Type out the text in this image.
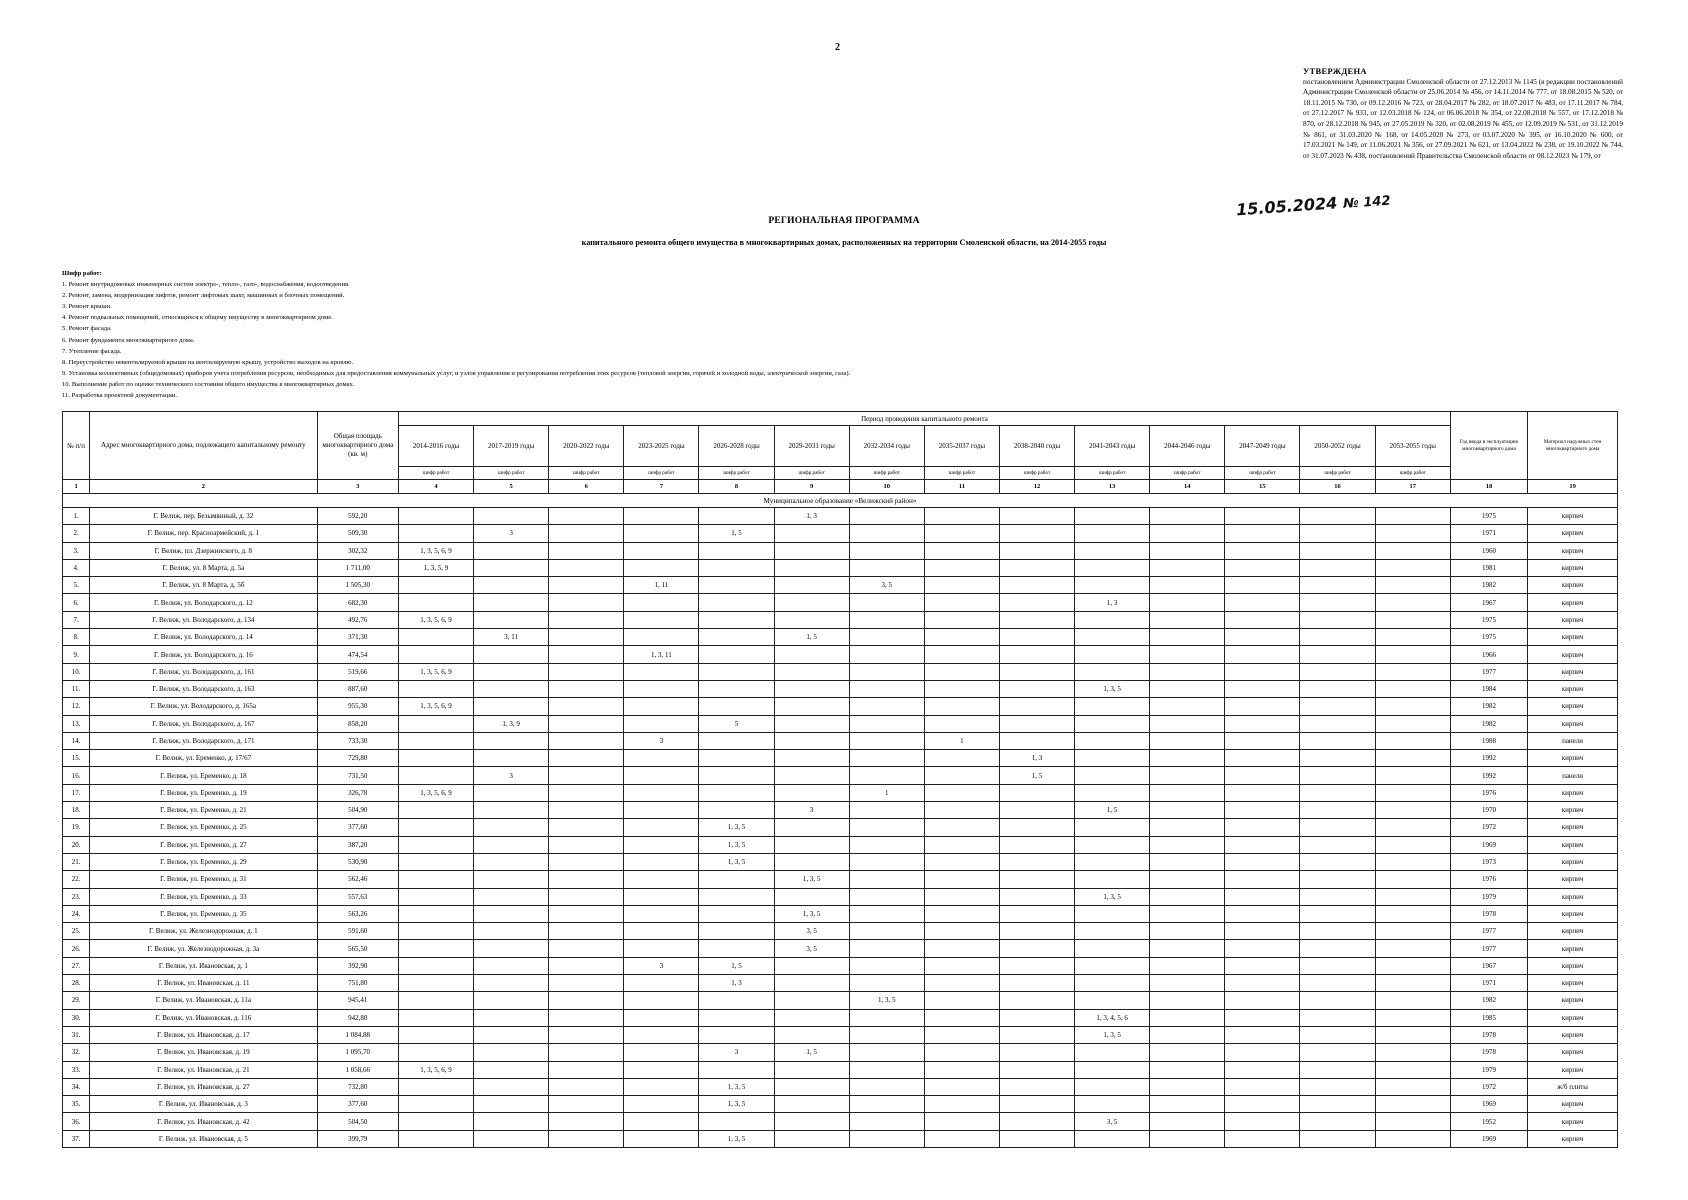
2
УТВЕРЖДЕНА
постановлением Администрации Смоленской области от 27.12.2013 № 1145 (в редакции постановлений Администрации Смоленской области от 25.06.2014 № 456, от 14.11.2014 № 777, от 18.08.2015 № 520, от 18.11.2015 № 730, от 09.12.2016 № 723, от 28.04.2017 № 282, от 18.07.2017 № 483, от 17.11.2017 № 784, от 27.12.2017 № 933, от 12.03.2018 № 124, от 06.06.2018 № 354, от 22.08.2018 № 557, от 17.12.2018 № 870, от 28.12.2018 № 945, от 27.05.2019 № 320, от 02.08.2019 № 455, от 12.09.2019 № 531, от 31.12.2019 № 861, от 31.03.2020 № 168, от 14.05.2020 № 273, от 03.07.2020 № 395, от 16.10.2020 № 600, от 17.03.2021 № 149, от 11.06.2021 № 356, от 27.09.2021 № 621, от 13.04.2022 № 238, от 19.10.2022 № 744, от 31.07.2023 № 438, постановлений Правительства Смоленской области от 08.12.2023 № 179, от
15.05.2024 № 142
РЕГИОНАЛЬНАЯ ПРОГРАММА
капитального ремонта общего имущества в многоквартирных домах, расположенных на территории Смоленской области, на 2014-2055 годы
Шифр работ:
1. Ремонт внутридомовых инженерных систем электро-, тепло-, газо-, водоснабжения, водоотведения.
2. Ремонт, замена, модернизация лифтов, ремонт лифтовых шахт, машинных и блочных помещений.
3. Ремонт крыши.
4. Ремонт подвальных помещений, относящихся к общему имуществу в многоквартирном доме.
5. Ремонт фасада.
6. Ремонт фундамента многоквартирного дома.
7. Утепление фасада.
8. Переустройство невентилируемой крыши на вентилируемую крышу, устройство выходов на кровлю.
9. Установка коллективных (общедомовых) приборов учета потребления ресурсов, необходимых для предоставления коммунальных услуг, и узлов управления и регулирования потребления этих ресурсов (тепловой энергии, горячей и холодной воды, электрической энергии, газа).
10. Выполнение работ по оценке технического состояния общего имущества в многоквартирных домах.
11. Разработка проектной документации.
№ п/п	Адрес многоквартирного дома, подлежащего капитальному ремонту	Общая площадь многоквартирного дома (кв. м)	Период проведения капитального ремонта														Год ввода в эксплуатацию многоквартирного дома	Материал наружных стен многоквартирного дома
			2014-2016 годы	2017-2019 годы	2020-2022 годы	2023-2025 годы	2026-2028 годы	2029-2031 годы	2032-2034 годы	2035-2037 годы	2038-2040 годы	2041-2043 годы	2044-2046 годы	2047-2049 годы	2050-2052 годы	2053-2055 годы		
			шифр работ	шифр работ	шифр работ	шифр работ	шифр работ	шифр работ	шифр работ	шифр работ	шифр работ	шифр работ	шифр работ	шифр работ	шифр работ	шифр работ		
1	2	3	4	5	6	7	8	9	10	11	12	13	14	15	16	17	18	19
Муниципальное образование «Велижский район»																		
1.	Г. Велиж, пер. Безымянный, д. 32	592,20						1, 3									1975	кирпич
2.	Г. Велиж, пер. Красноармейский, д. 1	509,30		3			1, 5										1971	кирпич
3.	Г. Велиж, пл. Дзержинского, д. 8	302,32	1, 3, 5, 6, 9														1960	кирпич
4.	Г. Велиж, ул. 8 Марта, д. 5а	1 711,00	1, 3, 5, 9														1981	кирпич
5.	Г. Велиж, ул. 8 Марта, д. 5б	1 505,30				1, 11			3, 5								1982	кирпич
6.	Г. Велиж, ул. Володарского, д. 12	682,30										1, 3					1967	кирпич
7.	Г. Велиж, ул. Володарского, д. 134	492,76	1, 3, 5, 6, 9														1975	кирпич
8.	Г. Велиж, ул. Володарского, д. 14	371,30		3, 11				1, 5									1975	кирпич
9.	Г. Велиж, ул. Володарского, д. 16	474,54				1, 3, 11											1966	кирпич
10.	Г. Велиж, ул. Володарского, д. 161	519,66	1, 3, 5, 6, 9														1977	кирпич
11.	Г. Велиж, ул. Володарского, д. 163	887,60										1, 3, 5					1984	кирпич
12.	Г. Велиж, ул. Володарского, д. 165а	955,30	1, 3, 5, 6, 9														1982	кирпич
13.	Г. Велиж, ул. Володарского, д. 167	858,20		1, 3, 9			5										1982	кирпич
14.	Г. Велиж, ул. Володарского, д. 171	733,30				3				1							1988	панели
15.	Г. Велиж, ул. Еременко, д. 17/67	729,80									1, 3						1992	кирпич
16.	Г. Велиж, ул. Еременко, д. 18	731,50		3							1, 5						1992	панели
17.	Г. Велиж, ул. Еременко, д. 19	326,78	1, 3, 5, 6, 9						1								1976	кирпич
18.	Г. Велиж, ул. Еременко, д. 21	504,90						3				1, 5					1970	кирпич
19.	Г. Велиж, ул. Еременко, д. 25	377,60					1, 3, 5										1972	кирпич
20.	Г. Велиж, ул. Еременко, д. 27	387,20					1, 3, 5										1969	кирпич
21.	Г. Велиж, ул. Еременко, д. 29	530,90					1, 3, 5										1973	кирпич
22.	Г. Велиж, ул. Еременко, д. 31	562,46						1, 3, 5									1976	кирпич
23.	Г. Велиж, ул. Еременко, д. 33	557,63										1, 3, 5					1979	кирпич
24.	Г. Велиж, ул. Еременко, д. 35	563,26						1, 3, 5									1978	кирпич
25.	Г. Велиж, ул. Железнодорожная, д. 1	591,60						3, 5									1977	кирпич
26.	Г. Велиж, ул. Железнодорожная, д. 3а	565,50						3, 5									1977	кирпич
27.	Г. Велиж, ул. Ивановская, д. 1	392,90				3	1, 5										1967	кирпич
28.	Г. Велиж, ул. Ивановская, д. 11	751,80					1, 3										1971	кирпич
29.	Г. Велиж, ул. Ивановская, д. 11а	945,41							1, 3, 5								1982	кирпич
30.	Г. Велиж, ул. Ивановская, д. 116	942,80										1, 3, 4, 5, 6					1985	кирпич
31.	Г. Велиж, ул. Ивановская, д. 17	1 084,88										1, 3, 5					1978	кирпич
32.	Г. Велиж, ул. Ивановская, д. 19	1 095,70					3	1, 5									1978	кирпич
33.	Г. Велиж, ул. Ивановская, д. 21	1 058,66	1, 3, 5, 6, 9														1979	кирпич
34.	Г. Велиж, ул. Ивановская, д. 27	732,80					1, 3, 5										1972	ж/б плиты
35.	Г. Велиж, ул. Ивановская, д. 3	377,60					1, 3, 5										1969	кирпич
36.	Г. Велиж, ул. Ивановская, д. 42	504,50										3, 5					1952	кирпич
37.	Г. Велиж, ул. Ивановская, д. 5	399,79					1, 3, 5										1969	кирпич
